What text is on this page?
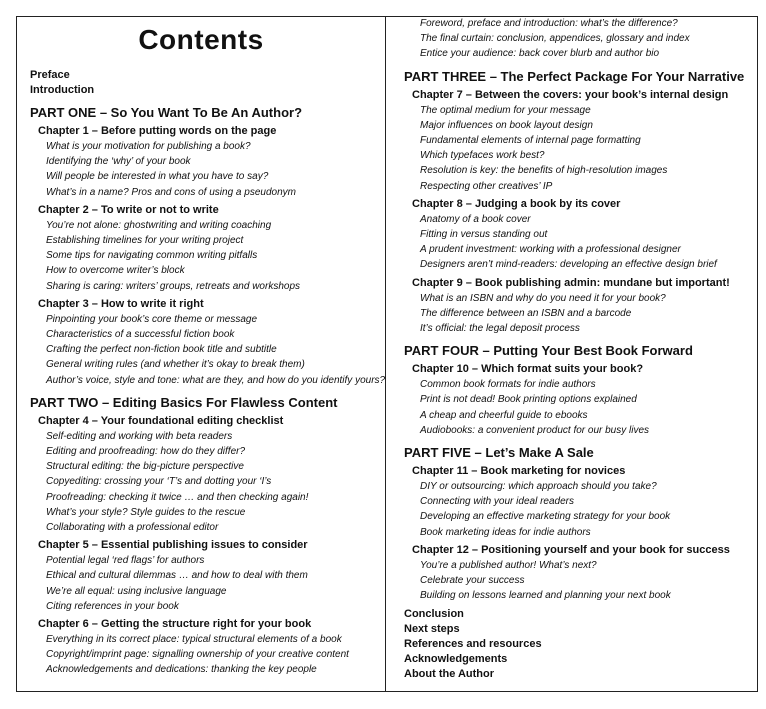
Contents
Preface
Introduction
PART ONE – So You Want To Be An Author?
Chapter 1 – Before putting words on the page
What is your motivation for publishing a book?
Identifying the ‘why’ of your book
Will people be interested in what you have to say?
What’s in a name? Pros and cons of using a pseudonym
Chapter 2 – To write or not to write
You’re not alone: ghostwriting and writing coaching
Establishing timelines for your writing project
Some tips for navigating common writing pitfalls
How to overcome writer’s block
Sharing is caring: writers’ groups, retreats and workshops
Chapter 3 – How to write it right
Pinpointing your book’s core theme or message
Characteristics of a successful fiction book
Crafting the perfect non-fiction book title and subtitle
General writing rules (and whether it’s okay to break them)
Author’s voice, style and tone: what are they, and how do you identify yours?
PART TWO – Editing Basics For Flawless Content
Chapter 4 – Your foundational editing checklist
Self-editing and working with beta readers
Editing and proofreading: how do they differ?
Structural editing: the big-picture perspective
Copyediting: crossing your ‘T’s and dotting your ‘I’s
Proofreading: checking it twice … and then checking again!
What’s your style? Style guides to the rescue
Collaborating with a professional editor
Chapter 5 – Essential publishing issues to consider
Potential legal ‘red flags’ for authors
Ethical and cultural dilemmas … and how to deal with them
We’re all equal: using inclusive language
Citing references in your book
Chapter 6 – Getting the structure right for your book
Everything in its correct place: typical structural elements of a book
Copyright/imprint page: signalling ownership of your creative content
Acknowledgements and dedications: thanking the key people
Foreword, preface and introduction: what’s the difference?
The final curtain: conclusion, appendices, glossary and index
Entice your audience: back cover blurb and author bio
PART THREE – The Perfect Package For Your Narrative
Chapter 7 – Between the covers: your book’s internal design
The optimal medium for your message
Major influences on book layout design
Fundamental elements of internal page formatting
Which typefaces work best?
Resolution is key: the benefits of high-resolution images
Respecting other creatives’ IP
Chapter 8 – Judging a book by its cover
Anatomy of a book cover
Fitting in versus standing out
A prudent investment: working with a professional designer
Designers aren’t mind-readers: developing an effective design brief
Chapter 9 – Book publishing admin: mundane but important!
What is an ISBN and why do you need it for your book?
The difference between an ISBN and a barcode
It’s official: the legal deposit process
PART FOUR – Putting Your Best Book Forward
Chapter 10 – Which format suits your book?
Common book formats for indie authors
Print is not dead! Book printing options explained
A cheap and cheerful guide to ebooks
Audiobooks: a convenient product for our busy lives
PART FIVE – Let’s Make A Sale
Chapter 11 – Book marketing for novices
DIY or outsourcing: which approach should you take?
Connecting with your ideal readers
Developing an effective marketing strategy for your book
Book marketing ideas for indie authors
Chapter 12 – Positioning yourself and your book for success
You’re a published author! What’s next?
Celebrate your success
Building on lessons learned and planning your next book
Conclusion
Next steps
References and resources
Acknowledgements
About the Author
